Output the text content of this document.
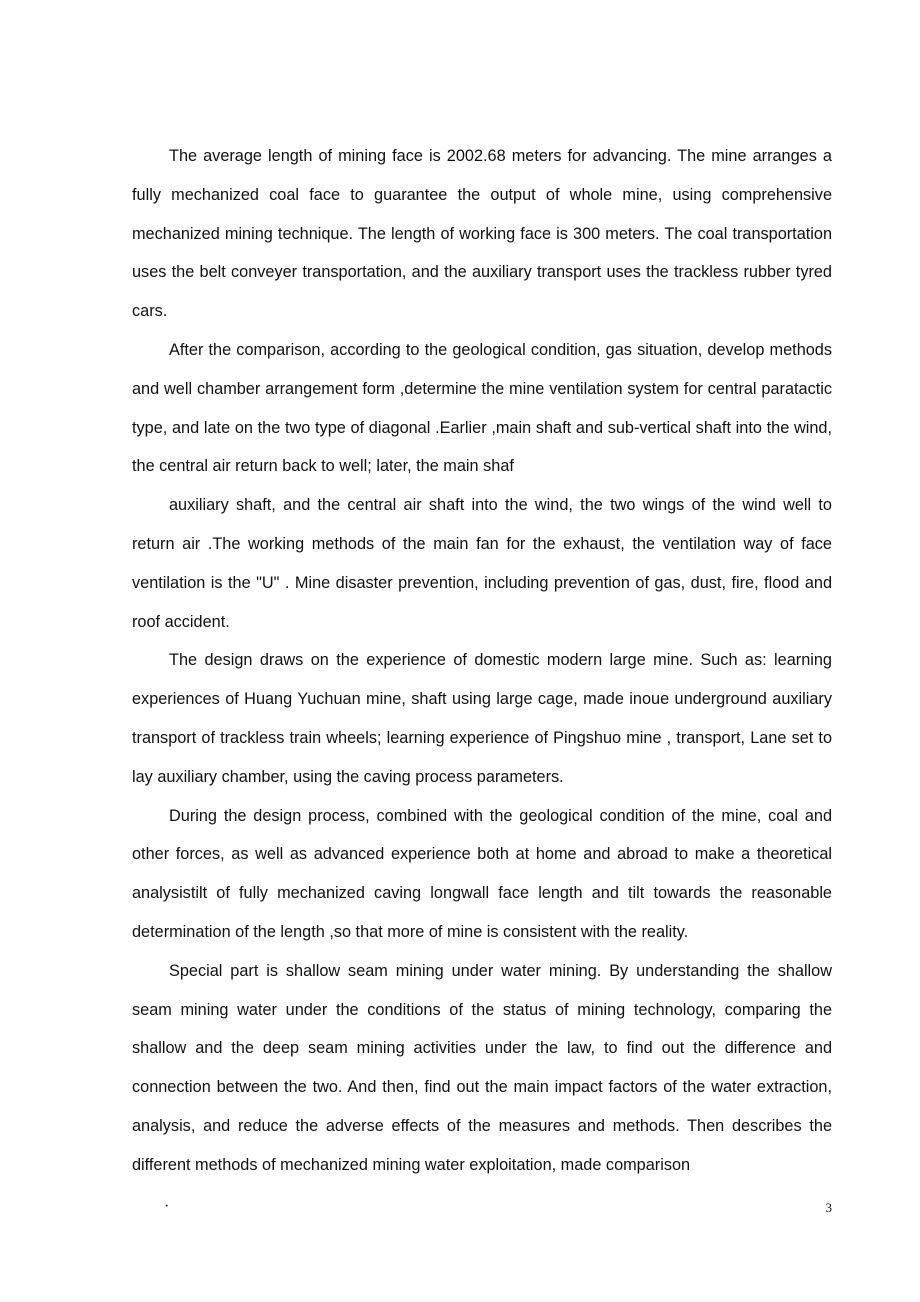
The average length of mining face is 2002.68 meters for advancing. The mine arranges a fully mechanized coal face to guarantee the output of whole mine, using comprehensive mechanized mining technique. The length of working face is 300 meters. The coal transportation uses the belt conveyer transportation, and the auxiliary transport uses the trackless rubber tyred cars.

After the comparison, according to the geological condition, gas situation, develop methods and well chamber arrangement form ,determine the mine ventilation system for central paratactic type, and late on the two type of diagonal .Earlier ,main shaft and sub-vertical shaft into the wind, the central air return back to well; later, the main shaf

auxiliary shaft, and the central air shaft into the wind, the two wings of the wind well to return air .The working methods of the main fan for the exhaust, the ventilation way of face ventilation is the "U" . Mine disaster prevention, including prevention of gas, dust, fire, flood and roof accident.

The design draws on the experience of domestic modern large mine. Such as: learning experiences of Huang Yuchuan mine, shaft using large cage, made inoue underground auxiliary transport of trackless train wheels; learning experience of Pingshuo mine , transport, Lane set to lay auxiliary chamber, using the caving process parameters.

During the design process, combined with the geological condition of the mine, coal and other forces, as well as advanced experience both at home and abroad to make a theoretical analysistilt of fully mechanized caving longwall face length and tilt towards the reasonable determination of the length ,so that more of mine is consistent with the reality.

Special part is shallow seam mining under water mining. By understanding the shallow seam mining water under the conditions of the status of mining technology, comparing the shallow and the deep seam mining activities under the law, to find out the difference and connection between the two. And then, find out the main impact factors of the water extraction, analysis, and reduce the adverse effects of the measures and methods. Then describes the different methods of mechanized mining water exploitation, made comparison

·	3
